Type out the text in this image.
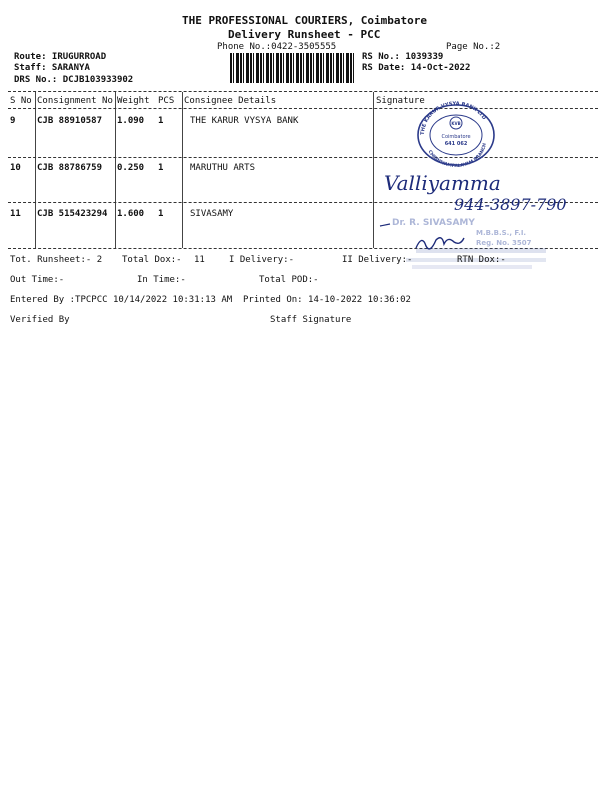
THE PROFESSIONAL COURIERS, Coimbatore
Delivery Runsheet - PCC
Phone No.:0422-3505555	Page No.:2
Route: IRUGURROAD
Staff: SARANYA
DRS No.: DCJB103933902
RS No.: 1039339
RS Date: 14-Oct-2022
S No Consignment No Weight PCS Consignee Details	Signature
9 CJB 88910587 1.090 1	THE KARUR VYSYA BANK
10 CJB 88786759 0.250 1	MARUTHU ARTS
11 CJB 515423294 1.600 1	SIVASAMY
THE KARUR VYSYA BANK LTD
CHINNIYAMPALAYAM BRANCH
KVB
Coimbatore
641 062
Valliyamma
944-3897-790
Dr. R. SIVASAMY
M.B.B.S., F.I.
Reg. No. 3507
Tot. Runsheet:- 2 Total Dox:- 11	I Delivery:-	II Delivery:-	RTN Dox:-
Out Time:-	In Time:-	Total POD:-
Entered By :TPCPCC 10/14/2022 10:31:13 AM Printed On: 14-10-2022 10:36:02
Verified By	Staff Signature
